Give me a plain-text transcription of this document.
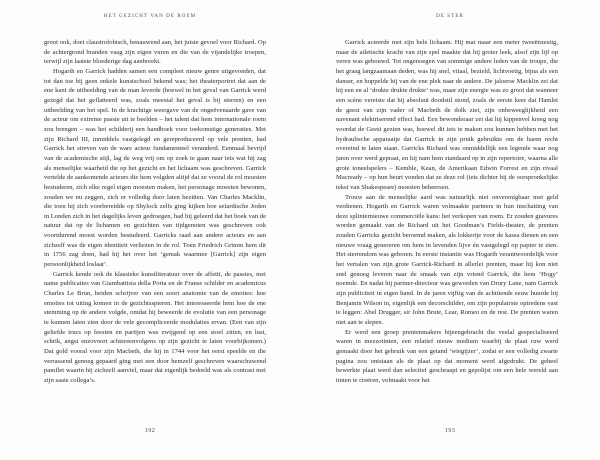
HET GEZICHT VAN DE ROEM

groot ook, doet claustrofobisch, benauwend aan, het juiste gevoel voor Richard. Op de achtergrond branden vaag zijn eigen vuren en die van de vijandelijke troepen, terwijl zijn laatste bloederige dag aanbreekt.

Hogarth en Garrick hadden samen een compleet nieuw genre uitgevonden, dat tot dan toe bij geen enkele kunstschool bekend was; het theaterportret dat aan de ene kant de uitbeelding van de man leverde (hoewel in het geval van Garrick werd gezegd dat het geflatteerd was, zoals meestal het geval is bij sterren) en een uitbeelding van het spel. In de krachtige weergave van de ongeëvenaarde gave van de acteur om extreme passie uit te beelden – het talent dat hem internationale roem zou brengen – was het schilderij een handboek voor toekomstige generaties. Met zijn Richard III, inmiddels vastgelegd en gereproduceerd op vele prenten, had Garrick het streven van de ware acteur fundamenteel veranderd. Eenmaal bevrijd van de academische stijl, lag de weg vrij om op zoek te gaan naar iets wat hij zag als menselijke waarheid die op het gezicht en het lichaam was geschreven. Garrick vertelde de aankomende acteurs die hem volgden altijd dat ze vooral de rol moesten bestuderen, zich elke regel eigen moesten maken, het personage moesten bewonen, zouden we nu zeggen, zich er volledig door laten bezitten. Van Charles Macklin, die toen hij zich voorbereidde op Shylock zelfs ging kijken hoe sefardische Joden in Londen zich in het dagelijks leven gedroegen, had hij geleerd dat het boek van de natuur dat op de lichamen en gezichten van tijdgenoten was geschreven ook voortdurend moest worden bestudeerd. Garricks raad aan andere acteurs en aan zichzelf was de eigen identiteit verliezen in de rol. Toen Friedrich Grimm hem dit in 1756 zag doen, had hij het over het ‘gemak waarmee [Garrick] zijn eigen persoonlijkheid loslaat’.

Garrick kende ook de klassieke kunstliteratuur over de affetti, de passies, met name publicaties van Giambattista della Porta en de Franse schilder en academicus Charles Le Brun, beiden schrijver van een soort anatomie van de emoties: hoe emoties tot uiting komen in de gezichtsspieren. Het interesseerde hem hoe de ene stemming op de andere volgde, omdat hij beweerde de evolutie van een personage te kunnen laten zien door de vele gecompliceerde modulaties ervan. (Een van zijn geliefde trucs op feesten en partijen was zwijgend op een stoel zitten, en lust, schrik, angst enzovoort achtereenvolgens op zijn gezicht te laten voorbijkomen.) Dat gold vooral voor zijn Macbeth, die hij in 1744 voor het eerst speelde en die verrassend genoeg gepaard ging met een door hemzelf geschreven waarschuwend pamflet waarin hij zichzelf aanviel, maar dat eigenlijk bedoeld was als contrast met zijn saaie collega’s.

192
DE STER

Garrick acteerde met zijn hele lichaam. Hij mat maar een meter tweeënzestig, maar de atletische kracht van zijn spel maakte dat hij groter leek, alsof zijn lijf op veren was gebouwd. Tot ongenoegen van sommige andere leden van de troupe, die het graag langzaamaan deden, was hij snel, vitaal, bezield, lichtvoetig, bijna als een danser, en huppelde hij van de ene plek naar de andere. De jaloerse Macklin zei dat hij een en al ‘drukte drukte drukte’ was, maar zijn energie was zo groot dat wanneer een scène vereiste dat hij absoluut doodstil stond, zoals de eerste keer dat Hamlet de geest van zijn vader of Macbeth de dolk ziet, zijn onbeweeglijkheid een navenant elektriserend effect had. Een bewonderaar zei dat hij kippenvel kreeg nog voordat de Geest gezien was, hoewel dit iets te maken zou kunnen hebben met het hydraulische apparaatje dat Garrick in zijn pruik gebruikte om de haren recht overeind te laten staan. Garricks Richard was onmiddellijk een legende waar nog jaren over werd gepraat, en hij nam hem standaard op in zijn repertoire, waarna alle grote toneelspelers – Kemble, Kean, de Amerikaan Edwin Forrest en zijn rivaal Macready – op hun beurt vonden dat ze deze rol (iets dichter bij de oorspronkelijke tekst van Shakespeare) moesten beheersen.

Trouw aan de menselijke aard was natuurlijk niet onverenigbaar met geld verdienen. Hogarth en Garrick waren volmaakte partners in hun inschatting van deze splinternieuwe commerciële kans: het verkopen van roem. Er zouden gravures worden gemaakt van de Richard uit het Goodman’s Fields-theater, de prenten zouden Garricks gezicht beroemd maken, als lokkertje voor de kassa dienen en een nieuwe vraag genereren om hem in levenden lijve én vastgelegd op papier te zien. Het sterrendom was geboren. In eerste instantie was Hogarth verantwoordelijk voor het vertalen van zijn grote Garrick-Richard in allerlei prenten, maar hij kon niet snel genoeg leveren naar de smaak van zijn vriend Garrick, die hem ‘Hogy’ noemde. En nadat hij partner-directeur was geworden van Drury Lane, nam Garrick zijn publiciteit in eigen hand. In de jaren vijftig van de achttiende eeuw huurde hij Benjamin Wilson in, eigenlijk een decorschilder, om zijn populairste optredens vast te leggen: Abel Drugger, sir John Brute, Lear, Romeo en de rest. De prenten waren niet aan te slepen.

Er werd een groep prentenmakers bijeengebracht die veelal gespecialiseerd waren in mezzotinten, een relatief nieuw medium waarbij de plaat ruw werd gemaakt door het gebruik van een getand ‘wiegijzer’, zodat er een volledig zwarte pagina zou ontstaan als de plaat op dat moment werd afgedrukt. De geheel bewerkte plaat werd dan selectief geschraapt en gepolijst om een hele wereld aan tinten te creëren, volmaakt voor het

193
